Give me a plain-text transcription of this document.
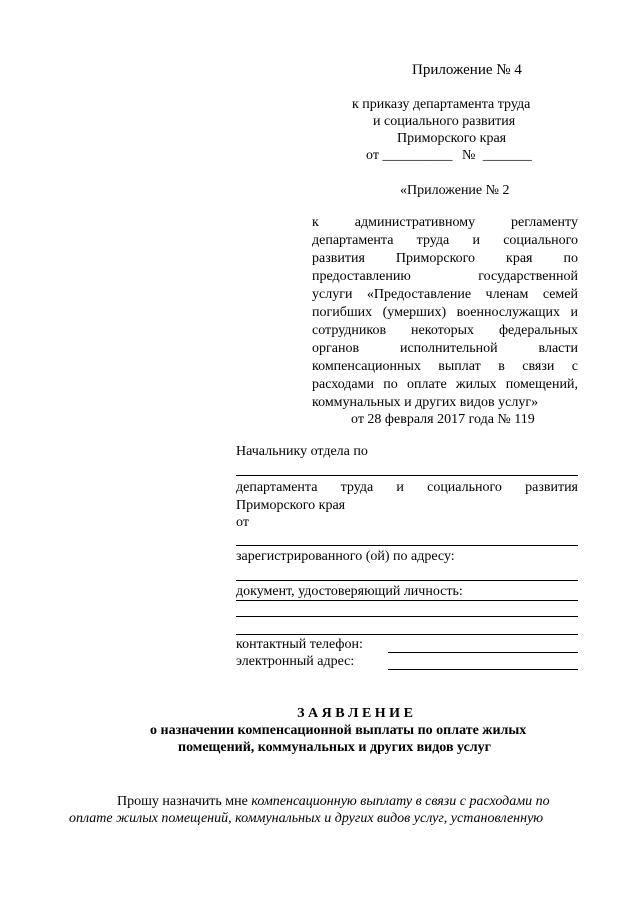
Приложение № 4
к приказу департамента труда
и социального развития
Приморского края
от __________ № _______
«Приложение № 2
к административному регламенту
департамента труда и социального
развития Приморского края по
предоставлению государственной
услуги «Предоставление членам семей
погибших (умерших) военнослужащих и
сотрудников некоторых федеральных
органов исполнительной власти
компенсационных выплат в связи с
расходами по оплате жилых помещений,
коммунальных и других видов услуг»
от 28 февраля 2017 года № 119
Начальнику отдела по
департамента труда и социального развития
Приморского края
от
зарегистрированного (ой) по адресу:
документ, удостоверяющий личность:
контактный телефон:
электронный адрес:
З А Я В Л Е Н И Е
о назначении компенсационной выплаты по оплате жилых
помещений, коммунальных и других видов услуг
Прошу назначить мне компенсационную выплату в связи с расходами по
оплате жилых помещений, коммунальных и других видов услуг, установленную
